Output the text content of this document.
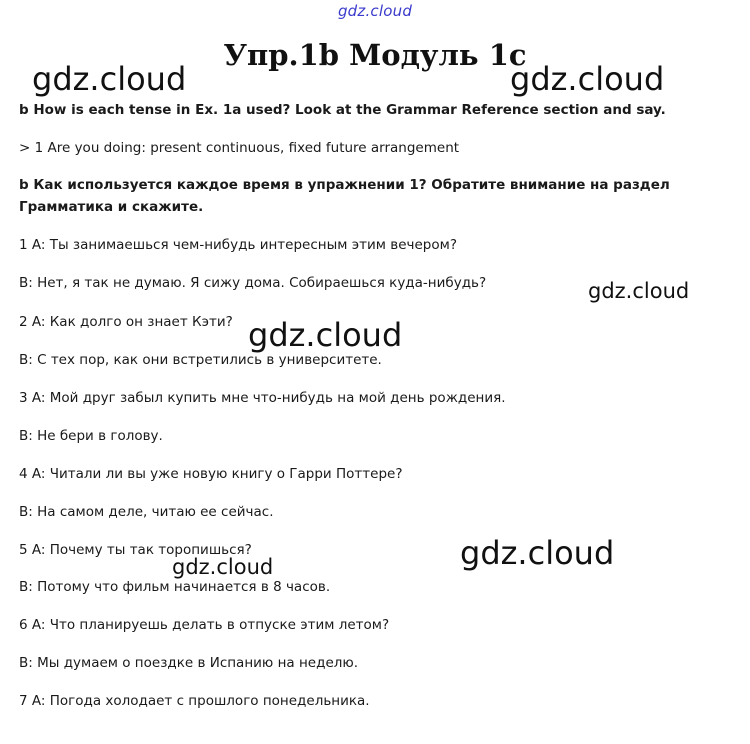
gdz.cloud
Упр.1b Модуль 1c
gdz.cloud	gdz.cloud
gdz.cloud
gdz.cloud
gdz.cloud
gdz.cloud
b How is each tense in Ex. 1a used? Look at the Grammar Reference section and say.
> 1 Are you doing: present continuous, fixed future arrangement
b Как используется каждое время в упражнении 1? Обратите внимание на раздел Грамматика и скажите.
1 A: Ты занимаешься чем-нибудь интересным этим вечером?
B: Нет, я так не думаю. Я сижу дома. Собираешься куда-нибудь?
2 A: Как долго он знает Кэти?
B: С тех пор, как они встретились в университете.
3 A: Мой друг забыл купить мне что-нибудь на мой день рождения.
B: Не бери в голову.
4 A: Читали ли вы уже новую книгу о Гарри Поттере?
B: На самом деле, читаю ее сейчас.
5 A: Почему ты так торопишься?
B: Потому что фильм начинается в 8 часов.
6 A: Что планируешь делать в отпуске этим летом?
B: Мы думаем о поездке в Испанию на неделю.
7 A: Погода холодает с прошлого понедельника.
